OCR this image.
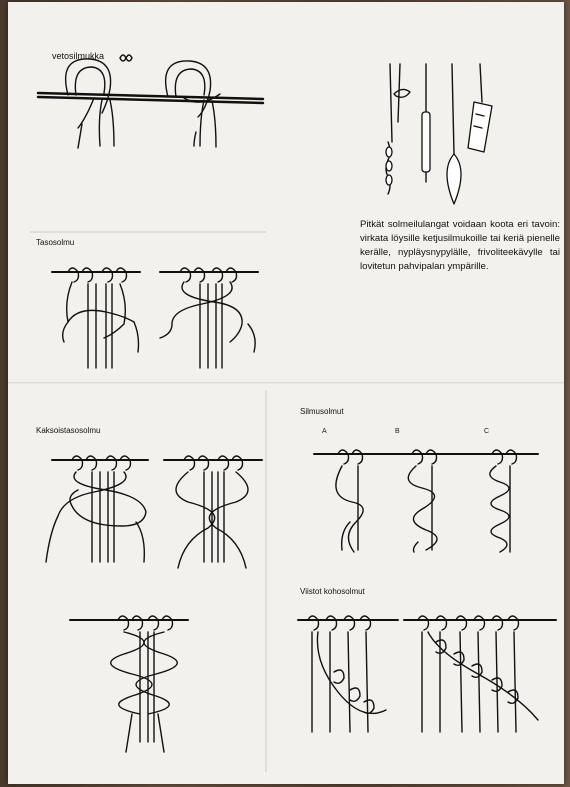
vetosilmukka
Tasosolmu
Kaksoistasosolmu
Silmusolmut
Viistot kohosolmut
A	B	C
Pitkät solmeilulangat voidaan koota eri tavoin: virkata löysille ketjusilmukoille tai keriä pienelle kerälle, nypläysnypylälle, frivoliteekävylle tai lovitetun pahvipalan ympärille.
